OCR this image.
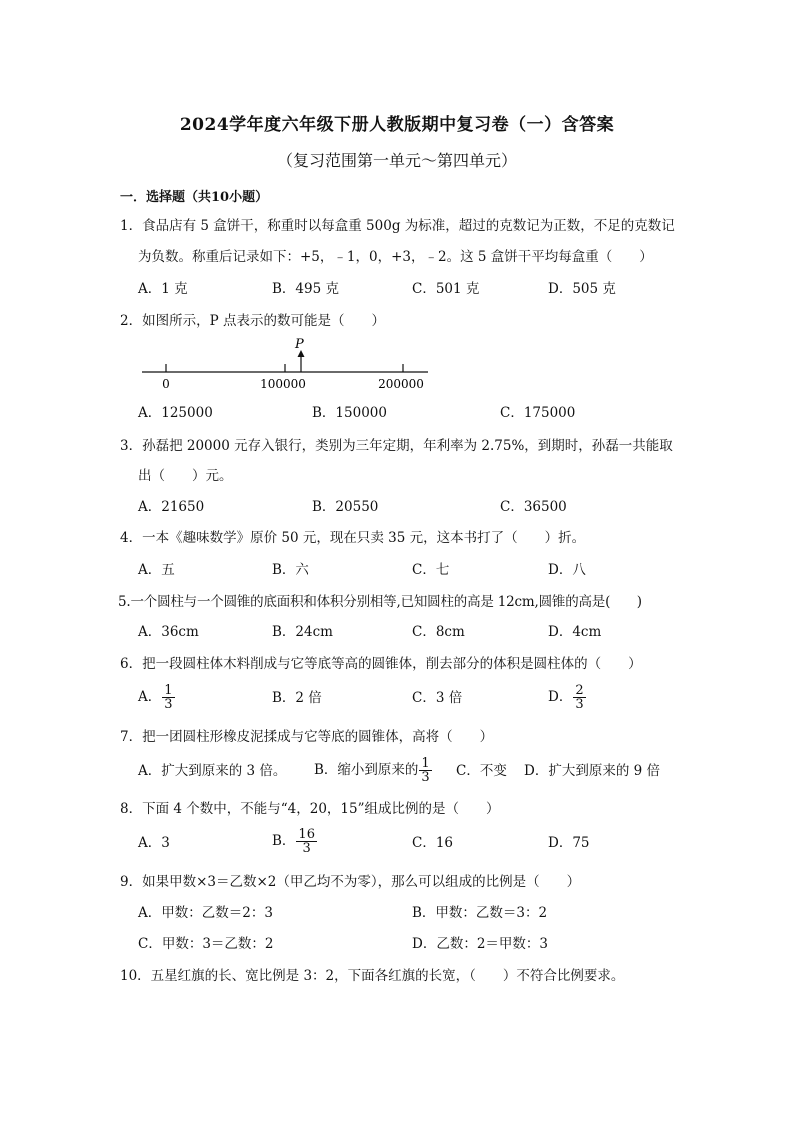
2024学年度六年级下册人教版期中复习卷（一）含答案
（复习范围第一单元～第四单元）
一．选择题（共10小题）
1．食品店有 5 盒饼干，称重时以每盒重 500g 为标准，超过的克数记为正数，不足的克数记
为负数。称重后记录如下：+5，﹣1，0，+3，﹣2。这 5 盒饼干平均每盒重（　　）
A．1 克	B．495 克	C．501 克	D．505 克
2．如图所示，P 点表示的数可能是（　　）
P
0	100000	200000
A．125000	B．150000	C．175000
3．孙磊把 20000 元存入银行，类别为三年定期，年利率为 2.75%，到期时，孙磊一共能取
出（　　）元。
A．21650	B．20550	C．36500
4．一本《趣味数学》原价 50 元，现在只卖 35 元，这本书打了（　　）折。
A．五	B．六	C．七	D．八
5.一个圆柱与一个圆锥的底面积和体积分别相等,已知圆柱的高是 12cm,圆锥的高是(　　)
A．36cm	B．24cm	C．8cm	D．4cm
6．把一段圆柱体木料削成与它等底等高的圆锥体，削去部分的体积是圆柱体的（　　）
A． $\frac{1}{3}$	B．2 倍	C．3 倍	D． $\frac{2}{3}$
7．把一团圆柱形橡皮泥揉成与它等底的圆锥体，高将（　　）
A．扩大到原来的 3 倍。 B．缩小到原来的 $\frac{1}{3}$ C．不变 D．扩大到原来的 9 倍
8．下面 4 个数中，不能与“4，20，15”组成比例的是（　　）
A．3	B． $\frac{16}{3}$	C．16	D．75
9．如果甲数×3＝乙数×2（甲乙均不为零），那么可以组成的比例是（　　）
A．甲数：乙数＝2：3	B．甲数：乙数＝3：2
C．甲数：3＝乙数：2	D．乙数：2＝甲数：3
10．五星红旗的长、宽比例是 3：2，下面各红旗的长宽，（　　）不符合比例要求。
